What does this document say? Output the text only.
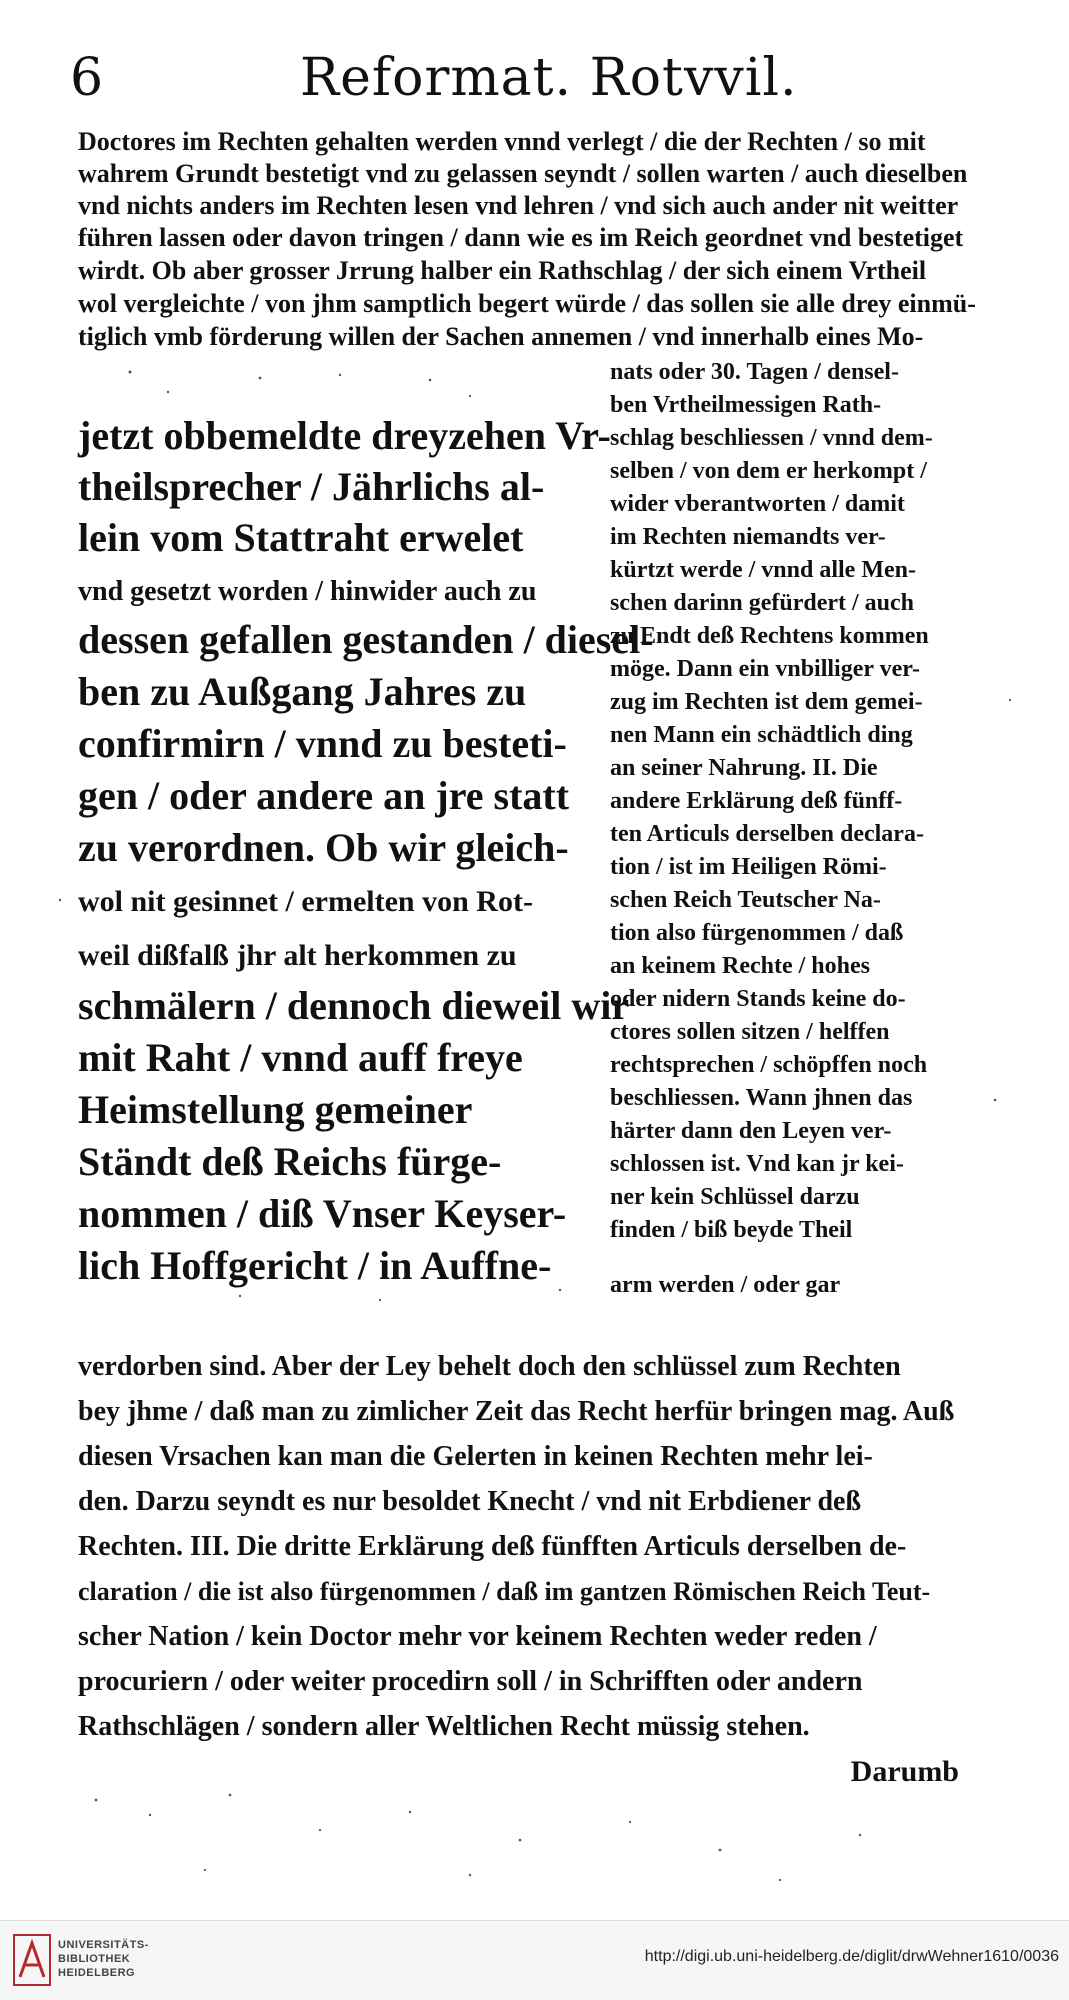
6	Reformat. Rotvvil.
Doctores im Rechten gehalten werden vnnd verlegt / die der Rechten / so mit
wahrem Grundt bestetigt vnd zu gelassen seyndt / sollen warten / auch dieselben
vnd nichts anders im Rechten lesen vnd lehren / vnd sich auch ander nit weitter
führen lassen oder davon tringen / dann wie es im Reich geordnet vnd bestetiget
wirdt. Ob aber grosser Jrrung halber ein Rathschlag / der sich einem Vrtheil
wol vergleichte / von jhm samptlich begert würde / das sollen sie alle drey einmü-
tiglich vmb förderung willen der Sachen annemen / vnd innerhalb eines Mo-
nats oder 30. Tagen / densel-
ben Vrtheilmessigen Rath-
schlag beschliessen / vnnd dem-
selben / von dem er herkompt /
wider vberantworten / damit
im Rechten niemandts ver-
kürtzt werde / vnnd alle Men-
schen darinn gefürdert / auch
zu Endt deß Rechtens kommen
möge. Dann ein vnbilliger ver-
zug im Rechten ist dem gemei-
nen Mann ein schädtlich ding
an seiner Nahrung. II. Die
andere Erklärung deß fünff-
ten Articuls derselben declara-
tion / ist im Heiligen Römi-
schen Reich Teutscher Na-
tion also fürgenommen / daß
an keinem Rechte / hohes
oder nidern Stands keine do-
ctores sollen sitzen / helffen
rechtsprechen / schöpffen noch
beschliessen. Wann jhnen das
härter dann den Leyen ver-
schlossen ist. Vnd kan jr kei-
ner kein Schlüssel darzu
finden / biß beyde Theil
arm werden / oder gar
jetzt obbemeldte dreyzehen Vr-
theilsprecher / Jährlichs al-
lein vom Stattraht erwelet
vnd gesetzt worden / hinwider auch zu
dessen gefallen gestanden / diesel-
ben zu Außgang Jahres zu
confirmirn / vnnd zu besteti-
gen / oder andere an jre statt
zu verordnen. Ob wir gleich-
wol nit gesinnet / ermelten von Rot-
weil dißfalß jhr alt herkommen zu
schmälern / dennoch dieweil wir
mit Raht / vnnd auff freye
Heimstellung gemeiner
Ständt deß Reichs fürge-
nommen / diß Vnser Keyser-
lich Hoffgericht / in Auffne-
verdorben sind. Aber der Ley behelt doch den schlüssel zum Rechten
bey jhme / daß man zu zimlicher Zeit das Recht herfür bringen mag. Auß
diesen Vrsachen kan man die Gelerten in keinen Rechten mehr lei-
den. Darzu seyndt es nur besoldet Knecht / vnd nit Erbdiener deß
Rechten. III. Die dritte Erklärung deß fünfften Articuls derselben de-
claration / die ist also fürgenommen / daß im gantzen Römischen Reich Teut-
scher Nation / kein Doctor mehr vor keinem Rechten weder reden /
procuriern / oder weiter procedirn soll / in Schrifften oder andern
Rathschlägen / sondern aller Weltlichen Recht müssig stehen.
Darumb
UNIVERSITÄTS-
BIBLIOTHEK
HEIDELBERG
http://digi.ub.uni-heidelberg.de/diglit/drwWehner1610/0036
